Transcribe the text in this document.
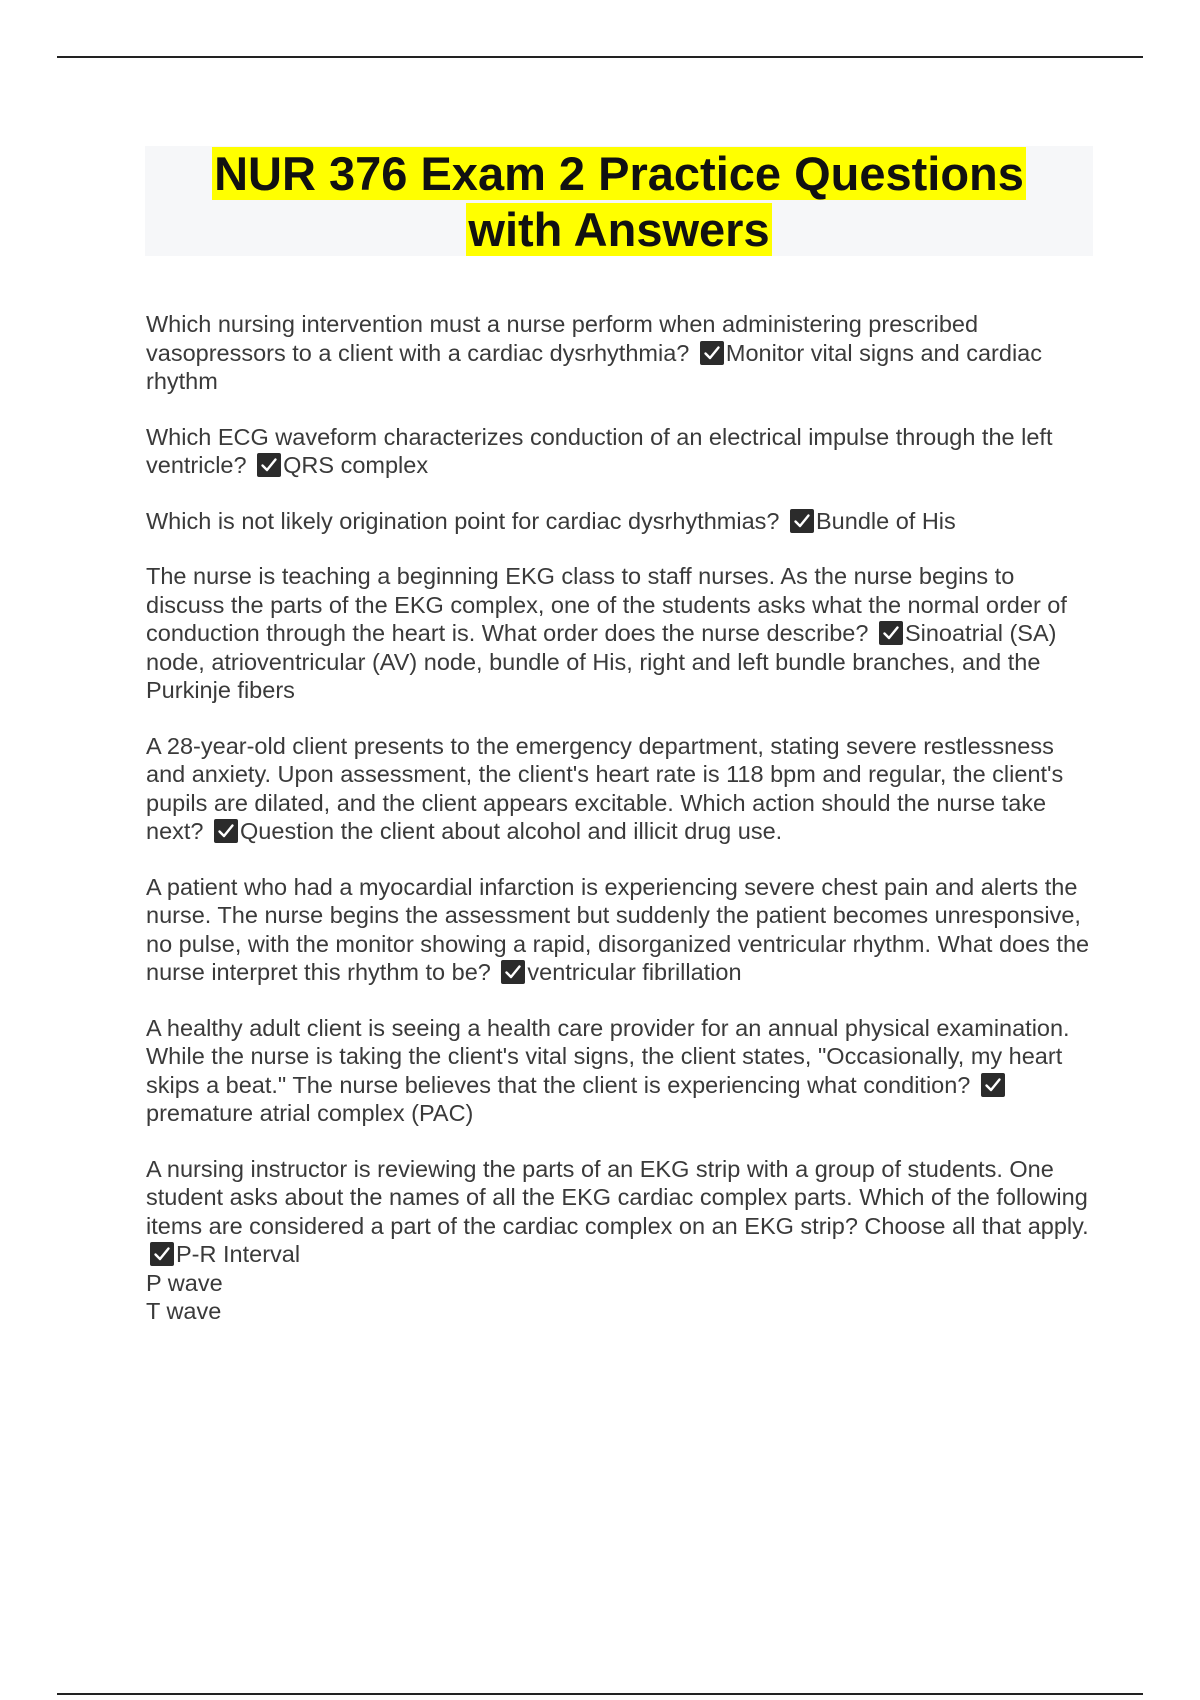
NUR 376 Exam 2 Practice Questions
with Answers

Which nursing intervention must a nurse perform when administering prescribed vasopressors to a client with a cardiac dysrhythmia? Monitor vital signs and cardiac rhythm

Which ECG waveform characterizes conduction of an electrical impulse through the left ventricle? QRS complex

Which is not likely origination point for cardiac dysrhythmias? Bundle of His

The nurse is teaching a beginning EKG class to staff nurses. As the nurse begins to discuss the parts of the EKG complex, one of the students asks what the normal order of conduction through the heart is. What order does the nurse describe? Sinoatrial (SA) node, atrioventricular (AV) node, bundle of His, right and left bundle branches, and the Purkinje fibers

A 28-year-old client presents to the emergency department, stating severe restlessness and anxiety. Upon assessment, the client's heart rate is 118 bpm and regular, the client's pupils are dilated, and the client appears excitable. Which action should the nurse take next? Question the client about alcohol and illicit drug use.

A patient who had a myocardial infarction is experiencing severe chest pain and alerts the nurse. The nurse begins the assessment but suddenly the patient becomes unresponsive, no pulse, with the monitor showing a rapid, disorganized ventricular rhythm. What does the nurse interpret this rhythm to be? ventricular fibrillation

A healthy adult client is seeing a health care provider for an annual physical examination. While the nurse is taking the client's vital signs, the client states, "Occasionally, my heart skips a beat." The nurse believes that the client is experiencing what condition?
premature atrial complex (PAC)

A nursing instructor is reviewing the parts of an EKG strip with a group of students. One student asks about the names of all the EKG cardiac complex parts. Which of the following items are considered a part of the cardiac complex on an EKG strip? Choose all that apply.
P-R Interval
P wave
T wave
